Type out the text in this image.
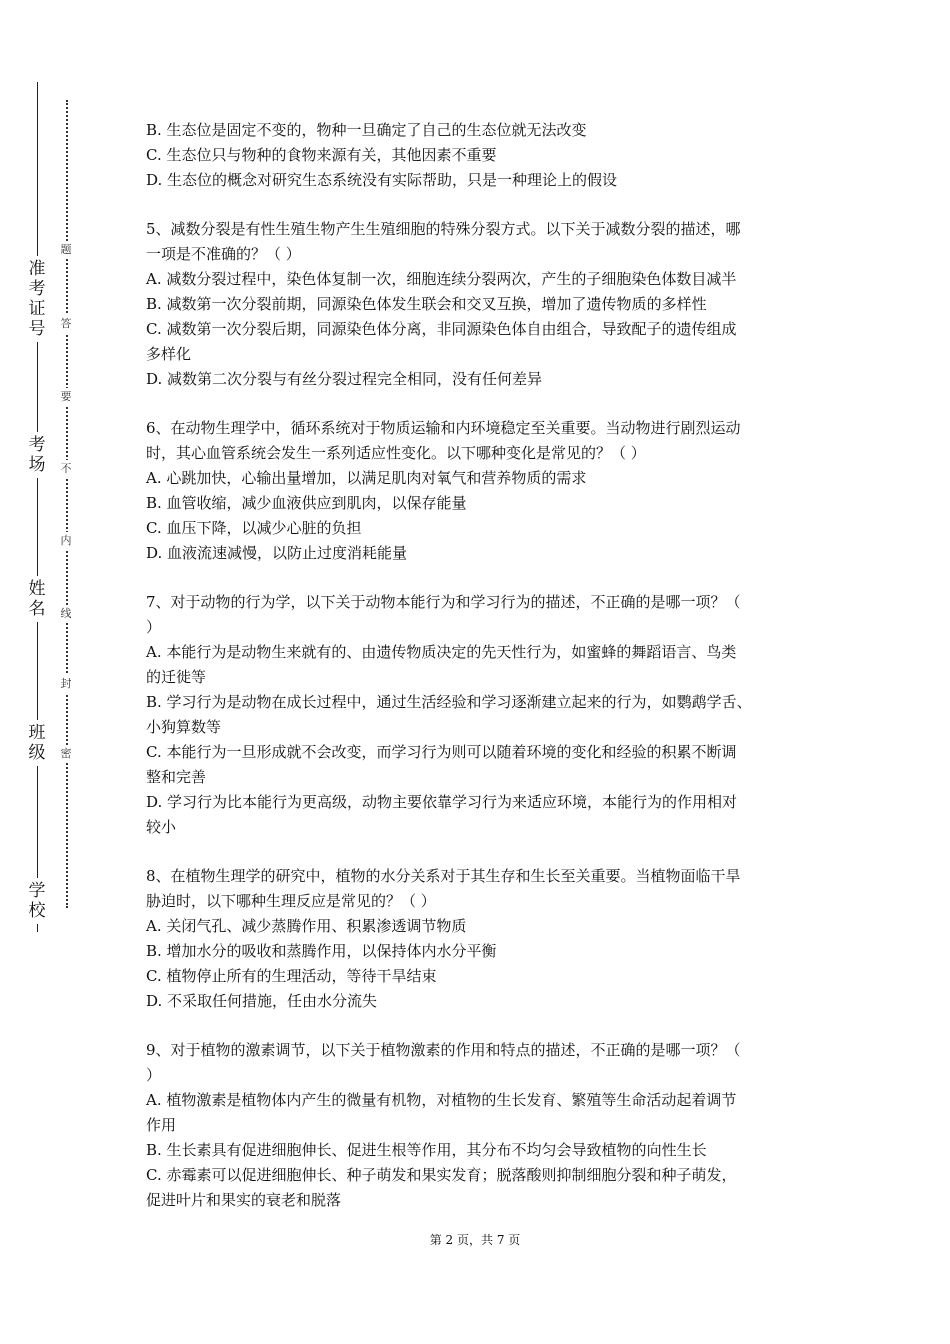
准
考
证
号
考
场
姓
名
班
级
学
校
题
答
要
不
内
线
封
密
B. 生态位是固定不变的，物种一旦确定了自己的生态位就无法改变
C. 生态位只与物种的食物来源有关，其他因素不重要
D. 生态位的概念对研究生态系统没有实际帮助，只是一种理论上的假设
5、减数分裂是有性生殖生物产生生殖细胞的特殊分裂方式。以下关于减数分裂的描述，哪
一项是不准确的？（ ）
A. 减数分裂过程中，染色体复制一次，细胞连续分裂两次，产生的子细胞染色体数目减半
B. 减数第一次分裂前期，同源染色体发生联会和交叉互换，增加了遗传物质的多样性
C. 减数第一次分裂后期，同源染色体分离，非同源染色体自由组合，导致配子的遗传组成
多样化
D. 减数第二次分裂与有丝分裂过程完全相同，没有任何差异
6、在动物生理学中，循环系统对于物质运输和内环境稳定至关重要。当动物进行剧烈运动
时，其心血管系统会发生一系列适应性变化。以下哪种变化是常见的？（ ）
A. 心跳加快，心输出量增加，以满足肌肉对氧气和营养物质的需求
B. 血管收缩，减少血液供应到肌肉，以保存能量
C. 血压下降，以减少心脏的负担
D. 血液流速减慢，以防止过度消耗能量
7、对于动物的行为学，以下关于动物本能行为和学习行为的描述，不正确的是哪一项？（
）
A. 本能行为是动物生来就有的、由遗传物质决定的先天性行为，如蜜蜂的舞蹈语言、鸟类
的迁徙等
B. 学习行为是动物在成长过程中，通过生活经验和学习逐渐建立起来的行为，如鹦鹉学舌、
小狗算数等
C. 本能行为一旦形成就不会改变，而学习行为则可以随着环境的变化和经验的积累不断调
整和完善
D. 学习行为比本能行为更高级，动物主要依靠学习行为来适应环境，本能行为的作用相对
较小
8、在植物生理学的研究中，植物的水分关系对于其生存和生长至关重要。当植物面临干旱
胁迫时，以下哪种生理反应是常见的？（ ）
A. 关闭气孔、减少蒸腾作用、积累渗透调节物质
B. 增加水分的吸收和蒸腾作用，以保持体内水分平衡
C. 植物停止所有的生理活动，等待干旱结束
D. 不采取任何措施，任由水分流失
9、对于植物的激素调节，以下关于植物激素的作用和特点的描述，不正确的是哪一项？（
）
A. 植物激素是植物体内产生的微量有机物，对植物的生长发育、繁殖等生命活动起着调节
作用
B. 生长素具有促进细胞伸长、促进生根等作用，其分布不均匀会导致植物的向性生长
C. 赤霉素可以促进细胞伸长、种子萌发和果实发育；脱落酸则抑制细胞分裂和种子萌发，
促进叶片和果实的衰老和脱落
第 2 页，共 7 页
